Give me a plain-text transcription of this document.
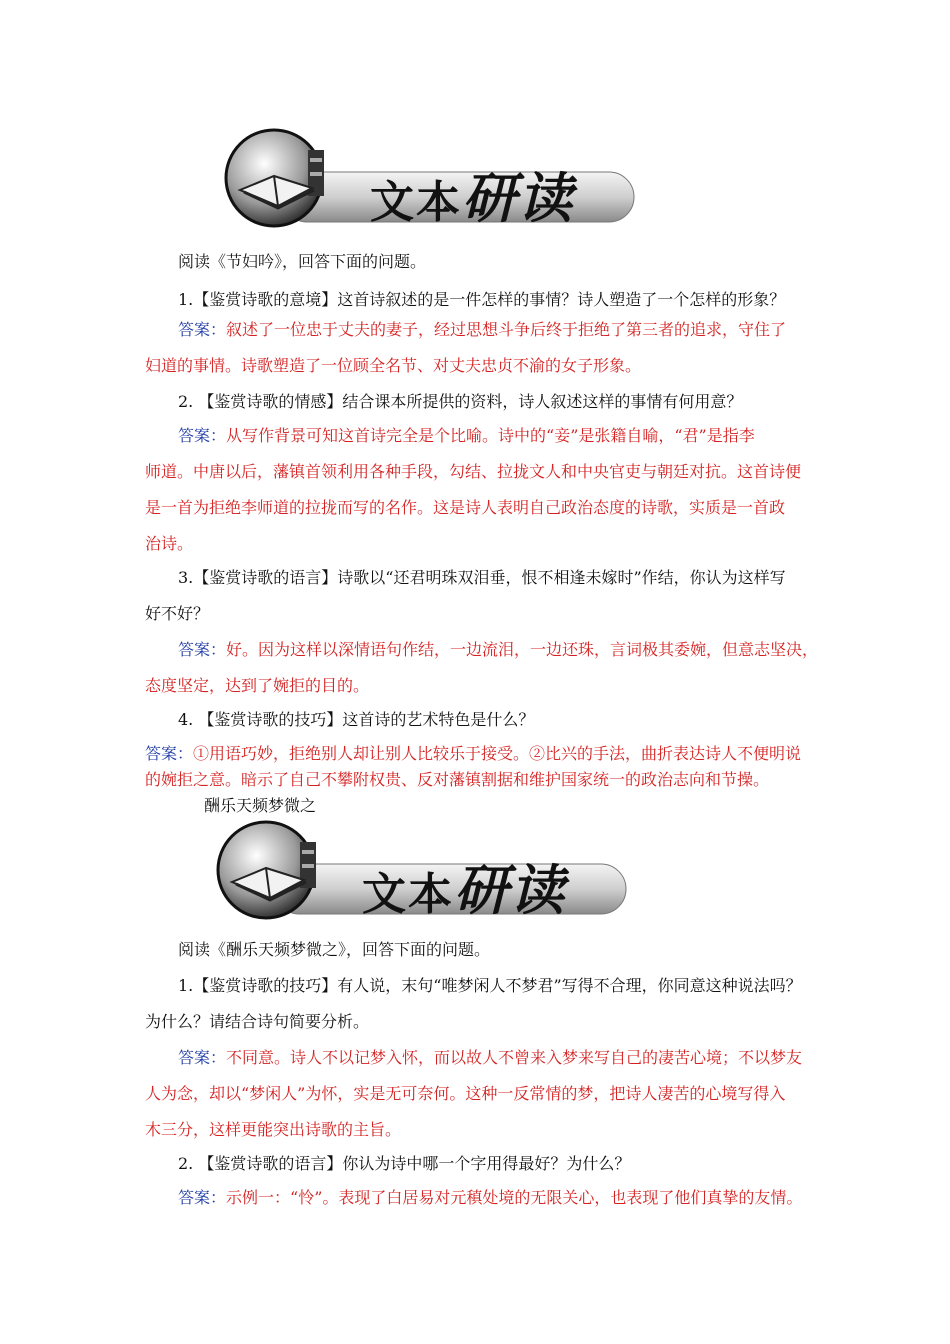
文本研读
阅读《节妇吟》，回答下面的问题。
1.【鉴赏诗歌的意境】这首诗叙述的是一件怎样的事情？诗人塑造了一个怎样的形象？
答案：叙述了一位忠于丈夫的妻子，经过思想斗争后终于拒绝了第三者的追求，守住了
妇道的事情。诗歌塑造了一位顾全名节、对丈夫忠贞不渝的女子形象。
2. 【鉴赏诗歌的情感】结合课本所提供的资料，诗人叙述这样的事情有何用意？
答案：从写作背景可知这首诗完全是个比喻。诗中的“妾”是张籍自喻，“君”是指李
师道。中唐以后，藩镇首领利用各种手段，勾结、拉拢文人和中央官吏与朝廷对抗。这首诗便
是一首为拒绝李师道的拉拢而写的名作。这是诗人表明自己政治态度的诗歌，实质是一首政
治诗。
3.【鉴赏诗歌的语言】诗歌以“还君明珠双泪垂，恨不相逢未嫁时”作结，你认为这样写
好不好？
答案：好。因为这样以深情语句作结，一边流泪，一边还珠，言词极其委婉，但意志坚决，
态度坚定，达到了婉拒的目的。
4. 【鉴赏诗歌的技巧】这首诗的艺术特色是什么？
答案：①用语巧妙，拒绝别人却让别人比较乐于接受。②比兴的手法，曲折表达诗人不便明说
的婉拒之意。暗示了自己不攀附权贵、反对藩镇割据和维护国家统一的政治志向和节操。
酬乐天频梦微之
文本研读
阅读《酬乐天频梦微之》，回答下面的问题。
1.【鉴赏诗歌的技巧】有人说，末句“唯梦闲人不梦君”写得不合理，你同意这种说法吗？
为什么？请结合诗句简要分析。
答案：不同意。诗人不以记梦入怀，而以故人不曾来入梦来写自己的凄苦心境；不以梦友
人为念，却以“梦闲人”为怀，实是无可奈何。这种一反常情的梦，把诗人凄苦的心境写得入
木三分，这样更能突出诗歌的主旨。
2. 【鉴赏诗歌的语言】你认为诗中哪一个字用得最好？为什么？
答案：示例一：“怜”。表现了白居易对元稹处境的无限关心，也表现了他们真挚的友情。
